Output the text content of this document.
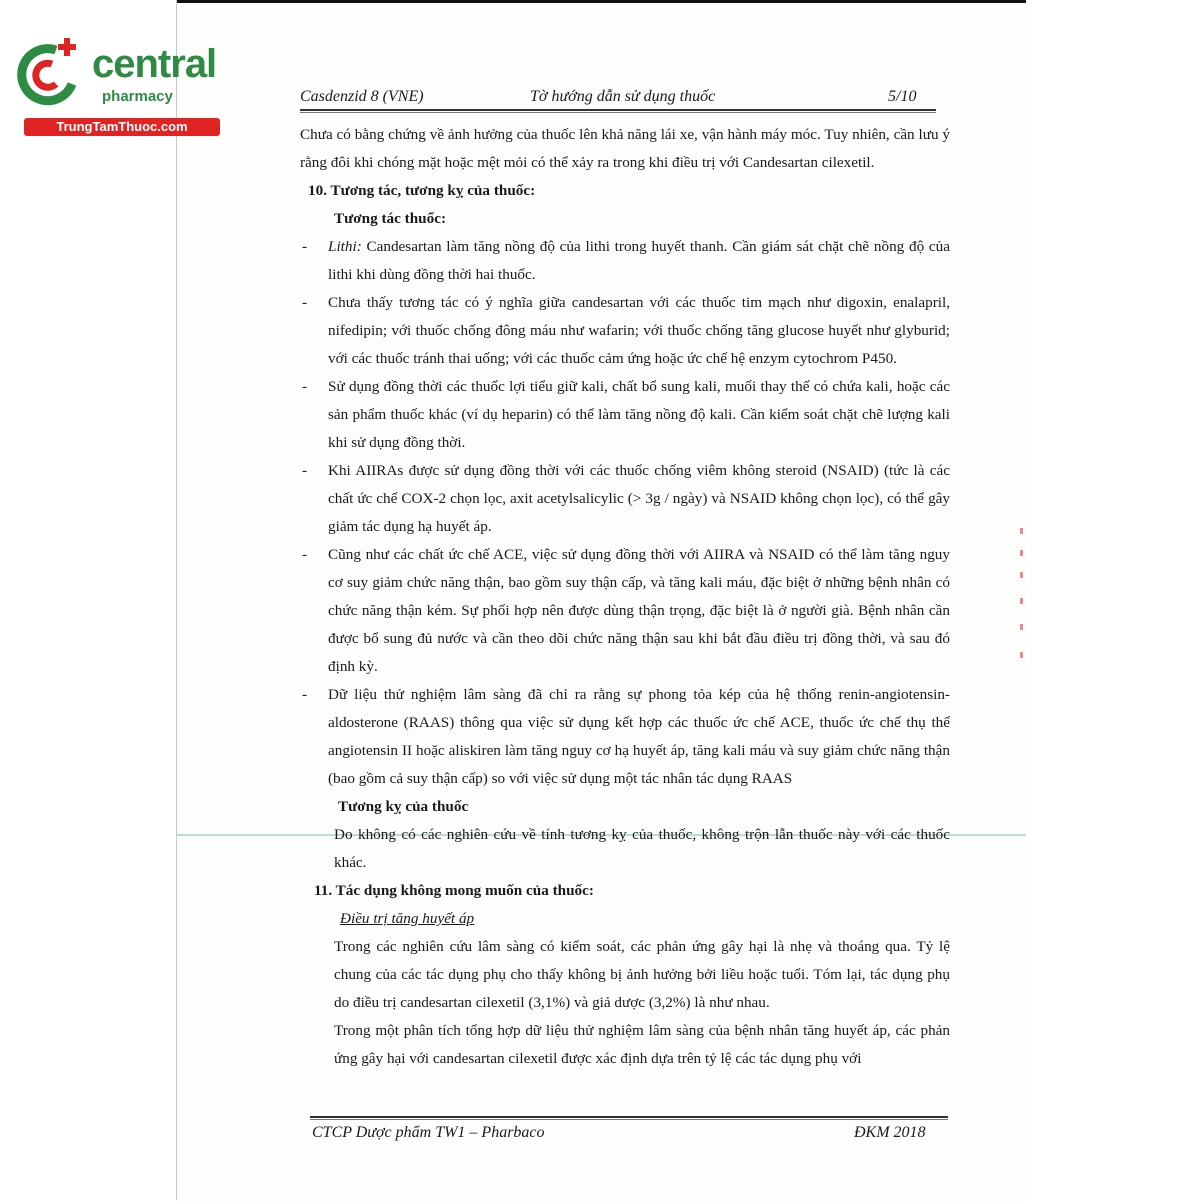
central
pharmacy
TrungTamThuoc.com
Casdenzid 8 (VNE)	Tờ hướng dẫn sử dụng thuốc	5/10

Chưa có bằng chứng về ảnh hưởng của thuốc lên khả năng lái xe, vận hành máy móc. Tuy nhiên, cần lưu ý rằng đôi khi chóng mặt hoặc mệt mỏi có thể xảy ra trong khi điều trị với Candesartan cilexetil.

10. Tương tác, tương kỵ của thuốc:

Tương tác thuốc:

- Lithi: Candesartan làm tăng nồng độ của lithi trong huyết thanh. Cần giám sát chặt chẽ nồng độ của lithi khi dùng đồng thời hai thuốc.

- Chưa thấy tương tác có ý nghĩa giữa candesartan với các thuốc tim mạch như digoxin, enalapril, nifedipin; với thuốc chống đông máu như wafarin; với thuốc chống tăng glucose huyết như glyburid; với các thuốc tránh thai uống; với các thuốc cảm ứng hoặc ức chế hệ enzym cytochrom P450.

- Sử dụng đồng thời các thuốc lợi tiểu giữ kali, chất bổ sung kali, muối thay thế có chứa kali, hoặc các sản phẩm thuốc khác (ví dụ heparin) có thể làm tăng nồng độ kali. Cần kiểm soát chặt chẽ lượng kali khi sử dụng đồng thời.

- Khi AIIRAs được sử dụng đồng thời với các thuốc chống viêm không steroid (NSAID) (tức là các chất ức chế COX-2 chọn lọc, axit acetylsalicylic (> 3g / ngày) và NSAID không chọn lọc), có thể gây giảm tác dụng hạ huyết áp.

- Cũng như các chất ức chế ACE, việc sử dụng đồng thời với AIIRA và NSAID có thể làm tăng nguy cơ suy giảm chức năng thận, bao gồm suy thận cấp, và tăng kali máu, đặc biệt ở những bệnh nhân có chức năng thận kém. Sự phối hợp nên được dùng thận trọng, đặc biệt là ở người già. Bệnh nhân cần được bổ sung đủ nước và cần theo dõi chức năng thận sau khi bắt đầu điều trị đồng thời, và sau đó định kỳ.

- Dữ liệu thử nghiệm lâm sàng đã chỉ ra rằng sự phong tỏa kép của hệ thống renin-angiotensin-aldosterone (RAAS) thông qua việc sử dụng kết hợp các thuốc ức chế ACE, thuốc ức chế thụ thể angiotensin II hoặc aliskiren làm tăng nguy cơ hạ huyết áp, tăng kali máu và suy giảm chức năng thận (bao gồm cả suy thận cấp) so với việc sử dụng một tác nhân tác dụng RAAS

Tương kỵ của thuốc

Do không có các nghiên cứu về tính tương kỵ của thuốc, không trộn lẫn thuốc này với các thuốc khác.

11. Tác dụng không mong muốn của thuốc:

Điều trị tăng huyết áp

Trong các nghiên cứu lâm sàng có kiểm soát, các phản ứng gây hại là nhẹ và thoáng qua. Tỷ lệ chung của các tác dụng phụ cho thấy không bị ảnh hưởng bởi liều hoặc tuổi. Tóm lại, tác dụng phụ do điều trị candesartan cilexetil (3,1%) và giả dược (3,2%) là như nhau.

Trong một phân tích tổng hợp dữ liệu thử nghiệm lâm sàng của bệnh nhân tăng huyết áp, các phản ứng gây hại với candesartan cilexetil được xác định dựa trên tỷ lệ các tác dụng phụ với

CTCP Dược phẩm TW1 – Pharbaco	ĐKM 2018
